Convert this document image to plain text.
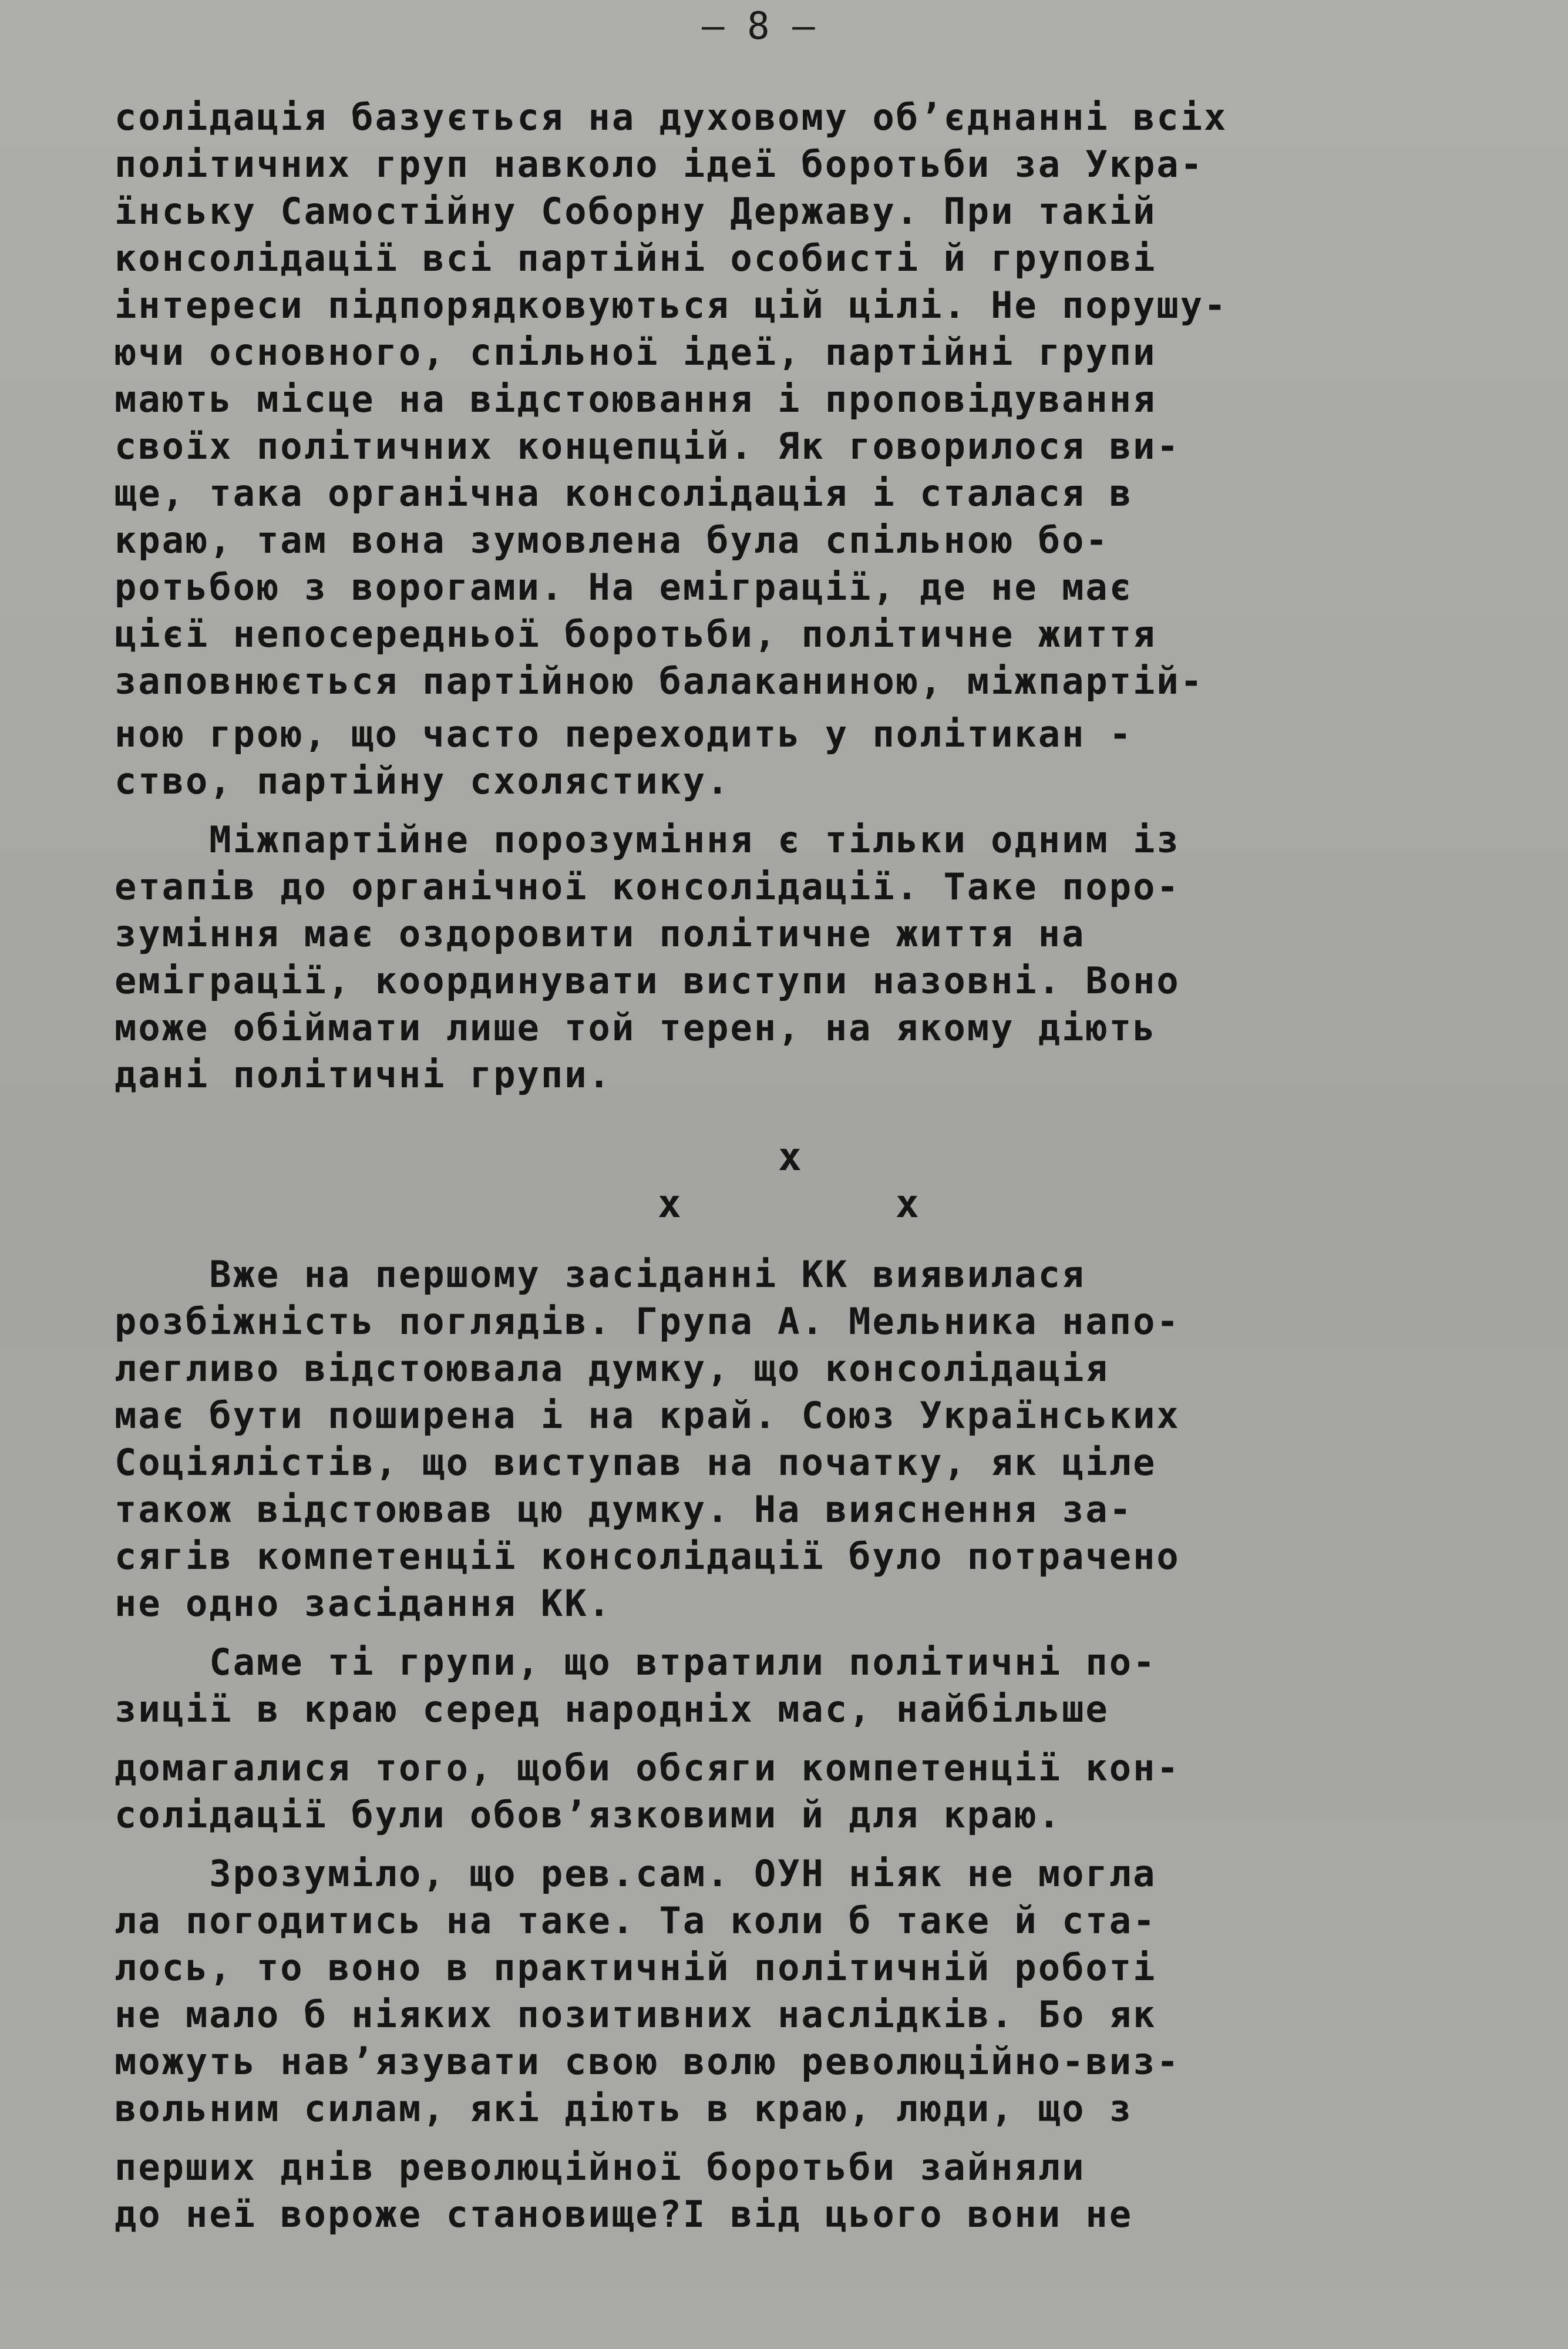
– 8 –
солідація базується на духовому об’єднанні всіх
політичних груп навколо ідеї боротьби за Укра-
їнську Самостійну Соборну Державу. При такій
консолідації всі партійні особисті й групові
інтереси підпорядковуються цій цілі. Не порушу-
ючи основного, спільної ідеї, партійні групи
мають місце на відстоювання і проповідування
своїх політичних концепцій. Як говорилося ви-
ще, така органічна консолідація і сталася в
краю, там вона зумовлена була спільною бо-
ротьбою з ворогами. На еміграції, де не має
цієї непосередньої боротьби, політичне життя
заповнюється партійною балаканиною, міжпартій-
ною грою, що часто переходить у політикан -
ство, партійну схолястику.
Міжпартійне порозуміння є тільки одним із
етапів до органічної консолідації. Таке поро-
зуміння має оздоровити політичне життя на
еміграції, координувати виступи назовні. Воно
може обіймати лише той терен, на якому діють
дані політичні групи.
x
x	x
Вже на першому засіданні КК виявилася
розбіжність поглядів. Група А. Мельника напо-
легливо відстоювала думку, що консолідація
має бути поширена і на край. Союз Українських
Соціялістів, що виступав на початку, як ціле
також відстоював цю думку. На вияснення за-
сягів компетенції консолідації було потрачено
не одно засідання КК.
Саме ті групи, що втратили політичні по-
зиції в краю серед народніх мас, найбільше
домагалися того, щоби обсяги компетенції кон-
солідації були обов’язковими й для краю.
Зрозуміло, що рев.сам. ОУН ніяк не могла
ла погодитись на таке. Та коли б таке й ста-
лось, то воно в практичній політичній роботі
не мало б ніяких позитивних наслідків. Бо як
можуть нав’язувати свою волю революційно-виз-
вольним силам, які діють в краю, люди, що з
перших днів революційної боротьби зайняли
до неї вороже становище?І від цього вони не
